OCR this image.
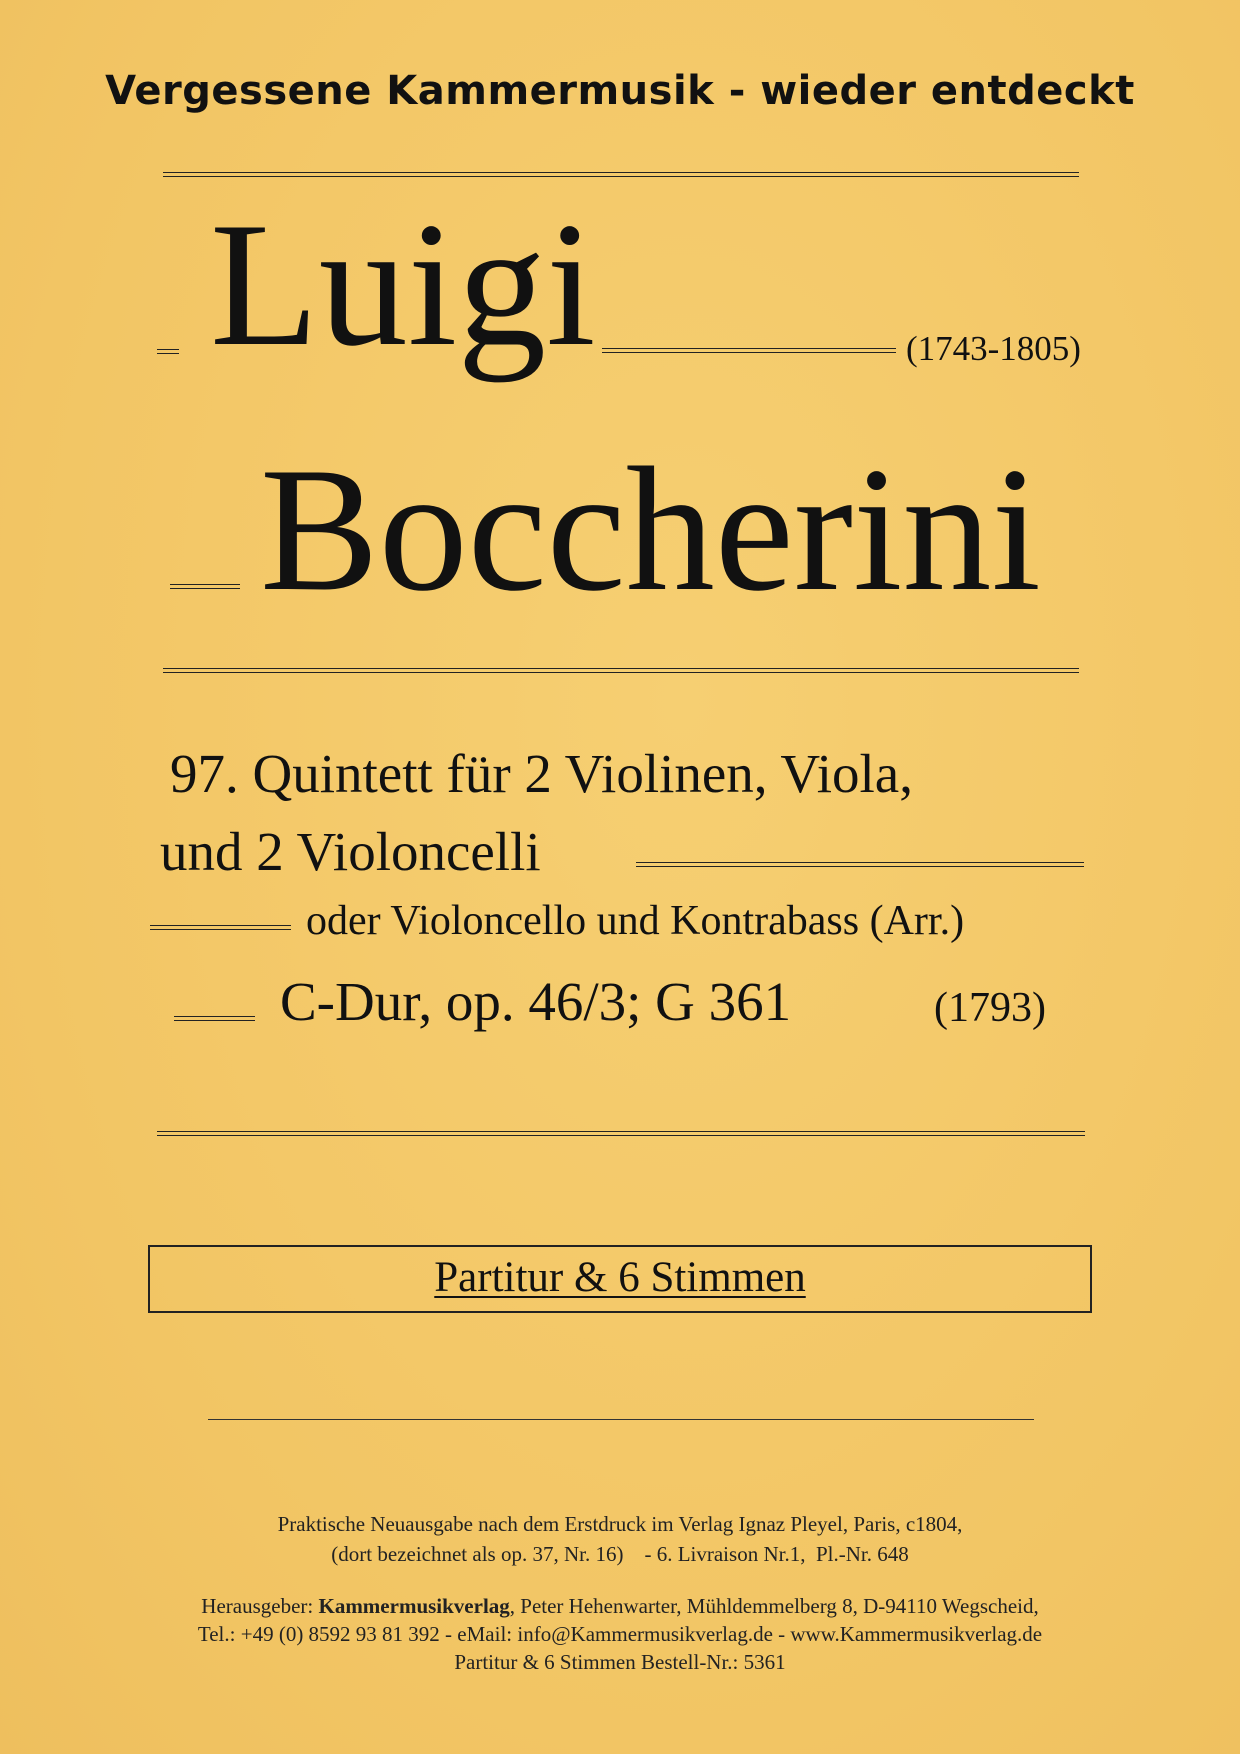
Vergessene Kammermusik - wieder entdeckt
Luigi	(1743-1805)
Boccherini
97. Quintett für 2 Violinen, Viola,
und 2 Violoncelli
oder Violoncello und Kontrabass (Arr.)
C-Dur, op. 46/3; G 361	(1793)
Partitur & 6 Stimmen
Praktische Neuausgabe nach dem Erstdruck im Verlag Ignaz Pleyel, Paris, c1804,
(dort bezeichnet als op. 37, Nr. 16)    - 6. Livraison Nr.1,  Pl.-Nr. 648
Herausgeber: Kammermusikverlag, Peter Hehenwarter, Mühldemmelberg 8, D-94110 Wegscheid,
Tel.: +49 (0) 8592 93 81 392 - eMail: info@Kammermusikverlag.de - www.Kammermusikverlag.de
Partitur & 6 Stimmen Bestell-Nr.: 5361
